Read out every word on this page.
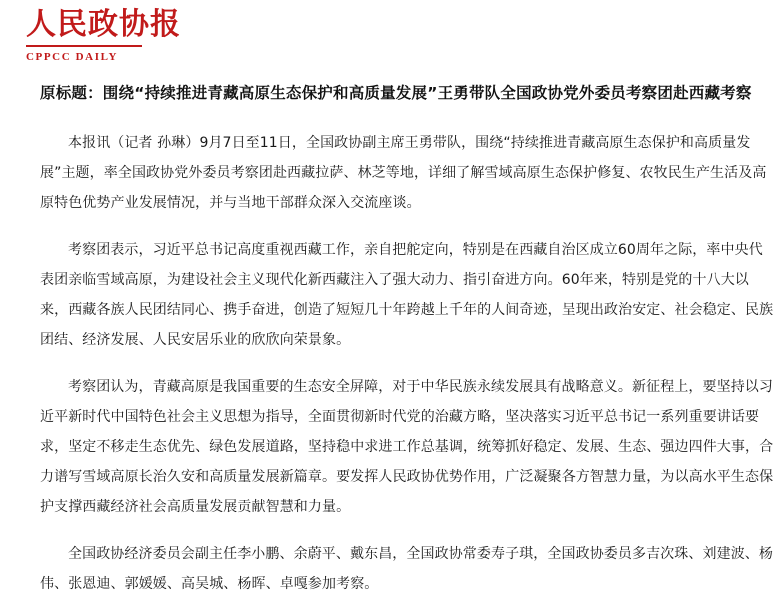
人民政协报
CPPCC DAILY
原标题：围绕“持续推进青藏高原生态保护和高质量发展”王勇带队全国政协党外委员考察团赴西藏考察

本报讯（记者 孙琳）9月7日至11日，全国政协副主席王勇带队，围绕“持续推进青藏高原生态保护和高质量发展”主题，率全国政协党外委员考察团赴西藏拉萨、林芝等地，详细了解雪域高原生态保护修复、农牧民生产生活及高原特色优势产业发展情况，并与当地干部群众深入交流座谈。

考察团表示，习近平总书记高度重视西藏工作，亲自把舵定向，特别是在西藏自治区成立60周年之际，率中央代表团亲临雪域高原，为建设社会主义现代化新西藏注入了强大动力、指引奋进方向。60年来，特别是党的十八大以来，西藏各族人民团结同心、携手奋进，创造了短短几十年跨越上千年的人间奇迹，呈现出政治安定、社会稳定、民族团结、经济发展、人民安居乐业的欣欣向荣景象。

考察团认为，青藏高原是我国重要的生态安全屏障，对于中华民族永续发展具有战略意义。新征程上，要坚持以习近平新时代中国特色社会主义思想为指导，全面贯彻新时代党的治藏方略，坚决落实习近平总书记一系列重要讲话要求，坚定不移走生态优先、绿色发展道路，坚持稳中求进工作总基调，统筹抓好稳定、发展、生态、强边四件大事，合力谱写雪域高原长治久安和高质量发展新篇章。要发挥人民政协优势作用，广泛凝聚各方智慧力量，为以高水平生态保护支撑西藏经济社会高质量发展贡献智慧和力量。

全国政协经济委员会副主任李小鹏、余蔚平、戴东昌，全国政协常委寿子琪，全国政协委员多吉次珠、刘建波、杨伟、张恩迪、郭媛媛、高吴城、杨晖、卓嘎参加考察。
